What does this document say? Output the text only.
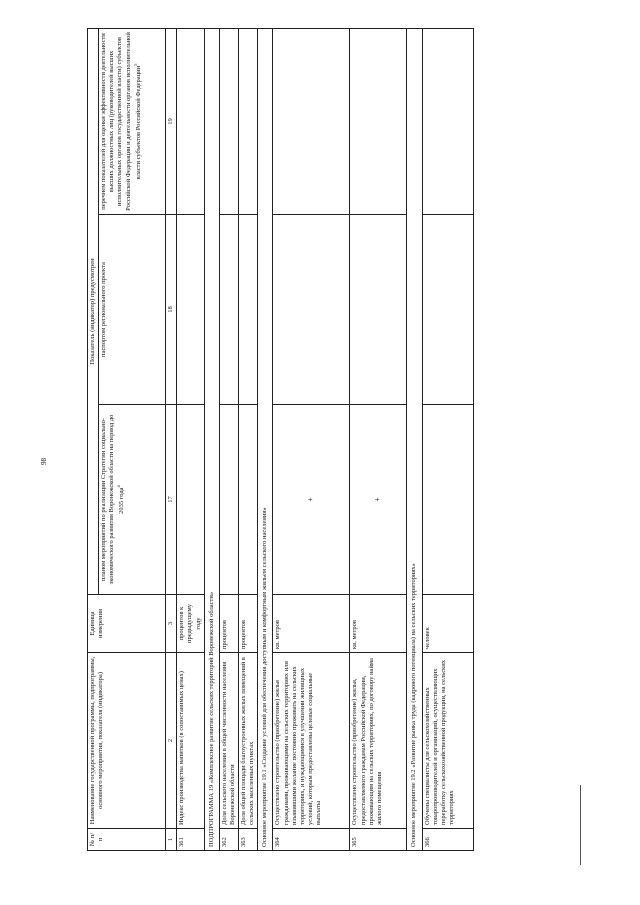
98
№ п/п	Наименование государственной программы, подпрограммы, основного мероприятия, показателя (индикатора)	Единица измерения	Показатель (индикатор) предусмотрен		
			планом мероприятий по реализации Стратегии социально-экономического развития Воронежской области на период до 2035 года$^4$	паспортом регионального проекта	перечнем показателей для оценки эффективности деятельности высших должностных лиц (руководителей высших исполнительных органов государственной власти) субъектов Российской Федерации и деятельности органов исполнительной власти субъектов Российской Федерации$^5$
1	2	3	17	18	19
361	Индекс производства напитков (в сопоставимых ценах)	процентов к предыдущему году			
ПОДПРОГРАММА 19 «Комплексное развитие сельских территорий Воронежской области»					
362	Доля сельского населения в общей численности населения Воронежской области	процентов			
363	Доля общей площади благоустроенных жилых помещений в сельских населенных пунктах	процентов			
Основное мероприятие 19.1 «Создание условий для обеспечения доступным и комфортным жильем сельского населения»					
364	Осуществлено строительство (приобретение) жилья гражданами, проживающими на сельских территориях или изъявившими желание постоянно проживать на сельских территориях, и нуждающимися в улучшении жилищных условий, которым предоставлены целевые социальные выплаты	кв. метров	+		
365	Осуществлено строительство (приобретение) жилья, предоставляемого гражданам Российской Федерации, проживающим на сельских территориях, по договору найма жилого помещения	кв. метров	+		
Основное мероприятие 19.2 «Развитие рынка труда (кадрового потенциала) на сельских территориях»					
366	Обучены специалисты для сельскохозяйственных товаропроизводителей и организаций, осуществляющих переработку сельскохозяйственной продукции, на сельских территориях	человек			
